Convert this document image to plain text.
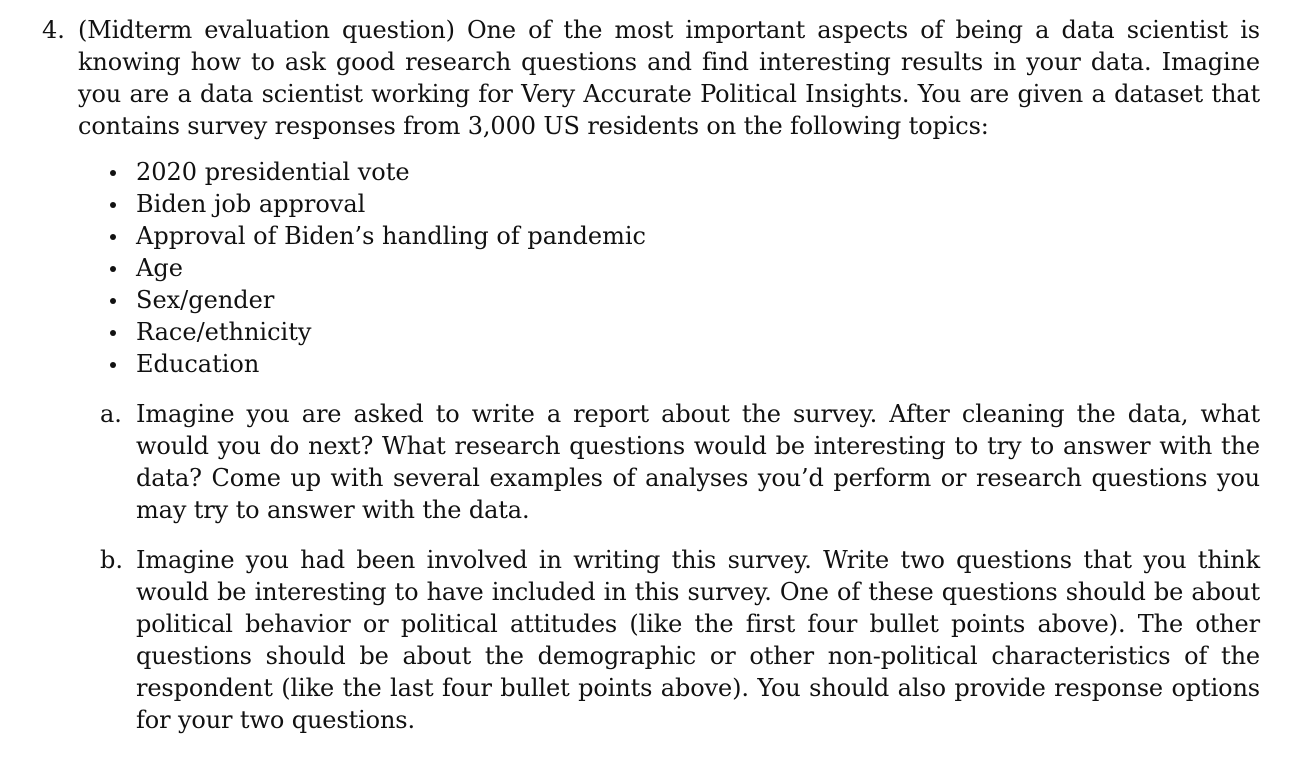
4. (Midterm evaluation question) One of the most important aspects of being a data scientist is knowing how to ask good research questions and find interesting results in your data. Imagine you are a data scientist working for Very Accurate Political Insights. You are given a dataset that contains survey responses from 3,000 US residents on the following topics:

2020 presidential vote
Biden job approval
Approval of Biden’s handling of pandemic
Age
Sex/gender
Race/ethnicity
Education
a. Imagine you are asked to write a report about the survey. After cleaning the data, what would you do next? What research questions would be interesting to try to answer with the data? Come up with several examples of analyses you’d perform or research questions you may try to answer with the data.

b. Imagine you had been involved in writing this survey. Write two questions that you think would be interesting to have included in this survey. One of these questions should be about political behavior or political attitudes (like the first four bullet points above). The other questions should be about the demographic or other non-political characteristics of the respondent (like the last four bullet points above). You should also provide response options for your two questions.
